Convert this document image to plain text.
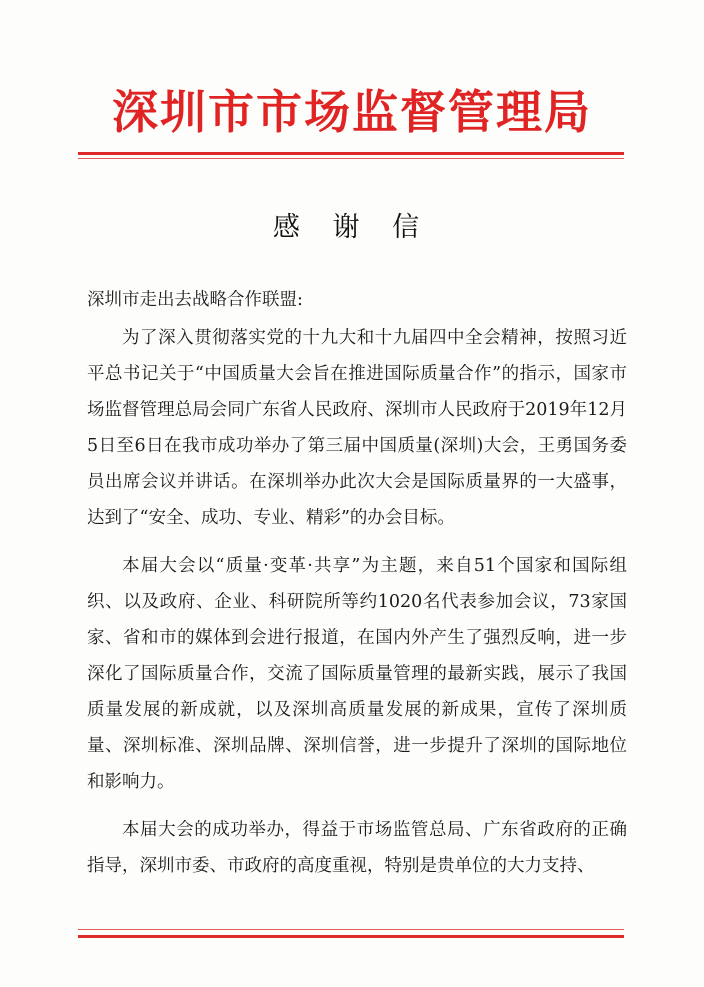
深圳市市场监督管理局
感 谢 信

深圳市走出去战略合作联盟:

为了深入贯彻落实党的十九大和十九届四中全会精神，按照习近平总书记关于“中国质量大会旨在推进国际质量合作”的指示，国家市场监督管理总局会同广东省人民政府、深圳市人民政府于2019年12月5日至6日在我市成功举办了第三届中国质量(深圳)大会，王勇国务委员出席会议并讲话。在深圳举办此次大会是国际质量界的一大盛事，达到了“安全、成功、专业、精彩”的办会目标。

本届大会以“质量·变革·共享”为主题，来自51个国家和国际组织、以及政府、企业、科研院所等约1020名代表参加会议，73家国家、省和市的媒体到会进行报道，在国内外产生了强烈反响，进一步深化了国际质量合作，交流了国际质量管理的最新实践，展示了我国质量发展的新成就，以及深圳高质量发展的新成果，宣传了深圳质量、深圳标准、深圳品牌、深圳信誉，进一步提升了深圳的国际地位和影响力。

本届大会的成功举办，得益于市场监管总局、广东省政府的正确指导，深圳市委、市政府的高度重视，特别是贵单位的大力支持、
